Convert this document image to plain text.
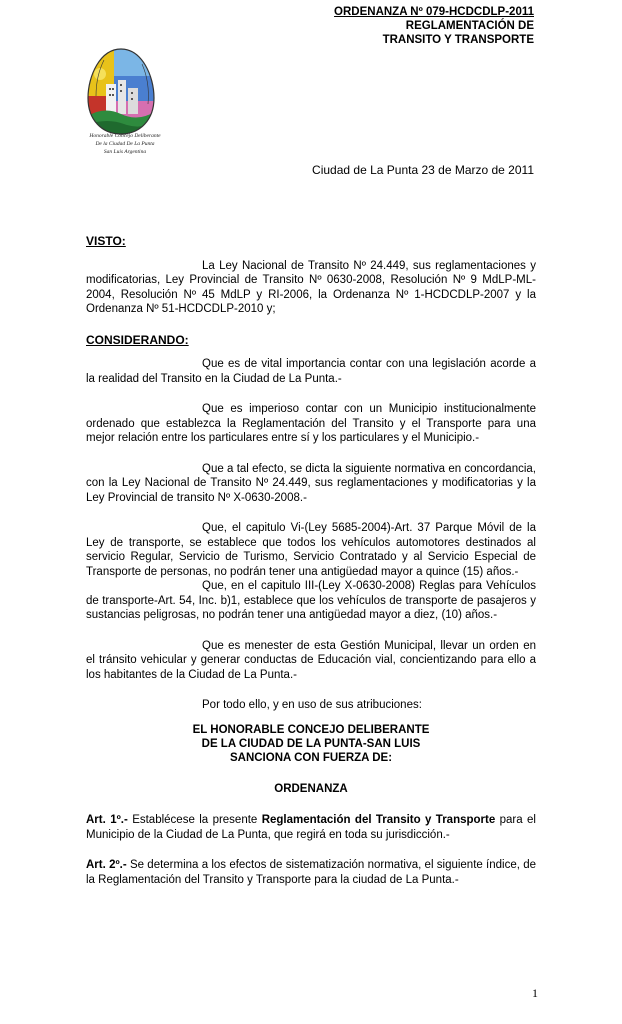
ORDENANZA Nº 079-HCDCDLP-2011
REGLAMENTACIÓN DE
TRANSITO Y TRANSPORTE
Honorable Concejo Deliberante
De la Ciudad De La Punta
San Luis Argentina
Ciudad de La Punta 23 de Marzo de 2011
VISTO:

La Ley Nacional de Transito Nº 24.449, sus reglamentaciones y modificatorias, Ley Provincial de Transito Nº 0630-2008, Resolución Nº 9 MdLP-ML-2004, Resolución Nº 45 MdLP y RI-2006, la Ordenanza Nº 1-HCDCDLP-2007 y la Ordenanza Nº 51-HCDCDLP-2010 y;

CONSIDERANDO:

Que es de vital importancia contar con una legislación acorde a la realidad del Transito en la Ciudad de La Punta.-

Que es imperioso contar con un Municipio institucionalmente ordenado que establezca la Reglamentación del Transito y el Transporte para una mejor relación entre los particulares entre sí y los particulares y el Municipio.-

Que a tal efecto, se dicta la siguiente normativa en concordancia, con la Ley Nacional de Transito Nº 24.449, sus reglamentaciones y modificatorias y la Ley Provincial de transito Nº X-0630-2008.-

Que, el capitulo Vi-(Ley 5685-2004)-Art. 37 Parque Móvil de la Ley de transporte, se establece que todos los vehículos automotores destinados al servicio Regular, Servicio de Turismo, Servicio Contratado y al Servicio Especial de Transporte de personas, no podrán tener una antigüedad mayor a quince (15) años.-

Que, en el capitulo III-(Ley X-0630-2008) Reglas para Vehículos de transporte-Art. 54, Inc. b)1, establece que los vehículos de transporte de pasajeros y sustancias peligrosas, no podrán tener una antigüedad mayor a diez, (10) años.-

Que es menester de esta Gestión Municipal, llevar un orden en el tránsito vehicular y generar conductas de Educación vial, concientizando para ello a los habitantes de la Ciudad de La Punta.-

Por todo ello, y en uso de sus atribuciones:

EL HONORABLE CONCEJO DELIBERANTE

DE LA CIUDAD DE LA PUNTA-SAN LUIS

SANCIONA CON FUERZA DE:

ORDENANZA

Art. 1º.- Establécese la presente Reglamentación del Transito y Transporte para el Municipio de la Ciudad de La Punta, que regirá en toda su jurisdicción.-

Art. 2º.- Se determina a los efectos de sistematización normativa, el siguiente índice, de la Reglamentación del Transito y Transporte para la ciudad de La Punta.-

1
